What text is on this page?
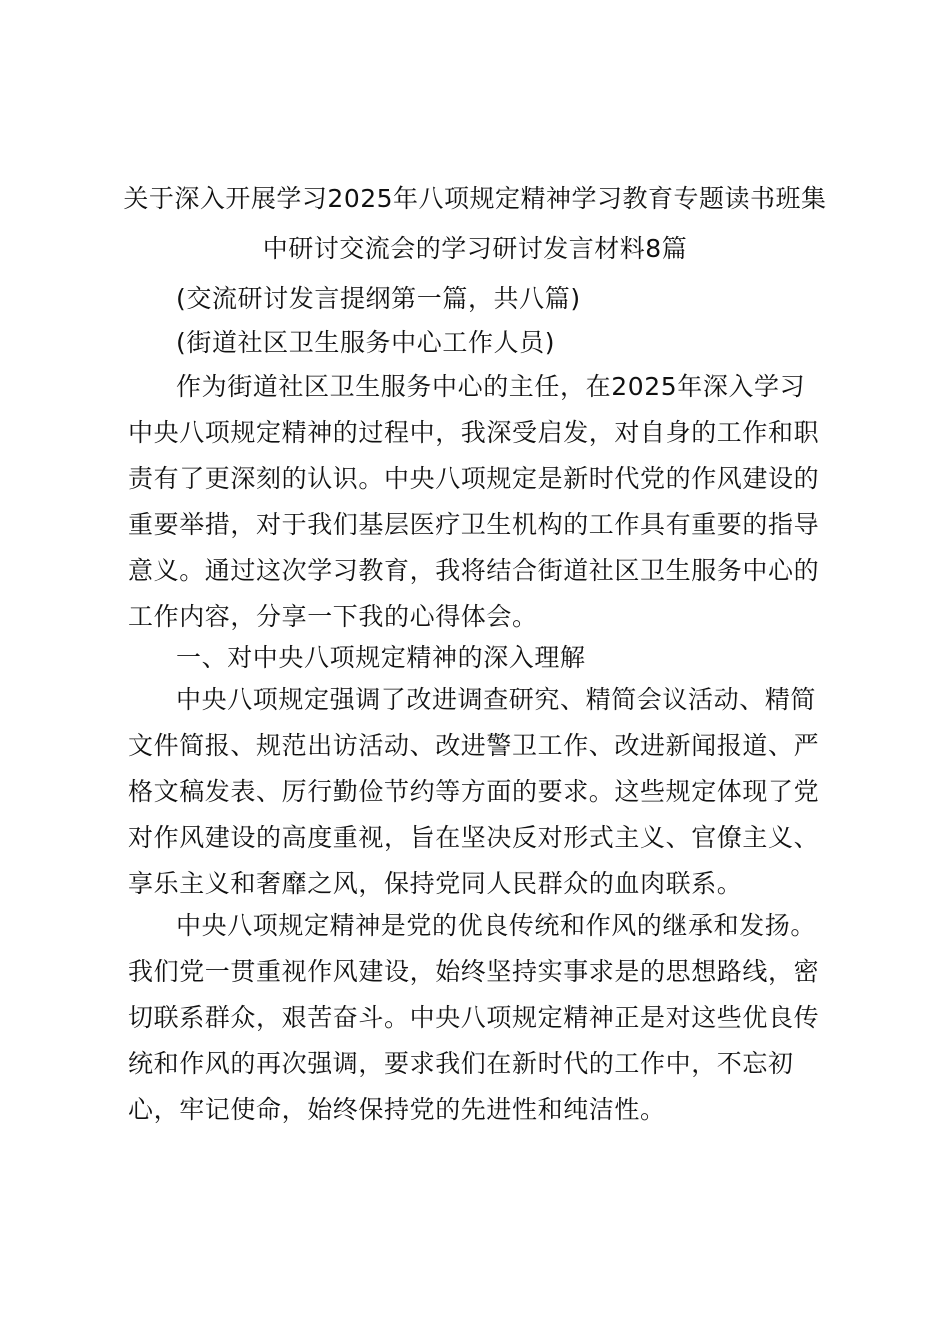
关于深入开展学习2025年八项规定精神学习教育专题读书班集
中研讨交流会的学习研讨发言材料8篇
(交流研讨发言提纲第一篇，共八篇)
(街道社区卫生服务中心工作人员)
作为街道社区卫生服务中心的主任，在2025年深入学习
中央八项规定精神的过程中，我深受启发，对自身的工作和职
责有了更深刻的认识。中央八项规定是新时代党的作风建设的
重要举措，对于我们基层医疗卫生机构的工作具有重要的指导
意义。通过这次学习教育，我将结合街道社区卫生服务中心的
工作内容，分享一下我的心得体会。
一、对中央八项规定精神的深入理解
中央八项规定强调了改进调查研究、精简会议活动、精简
文件简报、规范出访活动、改进警卫工作、改进新闻报道、严
格文稿发表、厉行勤俭节约等方面的要求。这些规定体现了党
对作风建设的高度重视，旨在坚决反对形式主义、官僚主义、
享乐主义和奢靡之风，保持党同人民群众的血肉联系。
中央八项规定精神是党的优良传统和作风的继承和发扬。
我们党一贯重视作风建设，始终坚持实事求是的思想路线，密
切联系群众，艰苦奋斗。中央八项规定精神正是对这些优良传
统和作风的再次强调，要求我们在新时代的工作中，不忘初
心，牢记使命，始终保持党的先进性和纯洁性。
